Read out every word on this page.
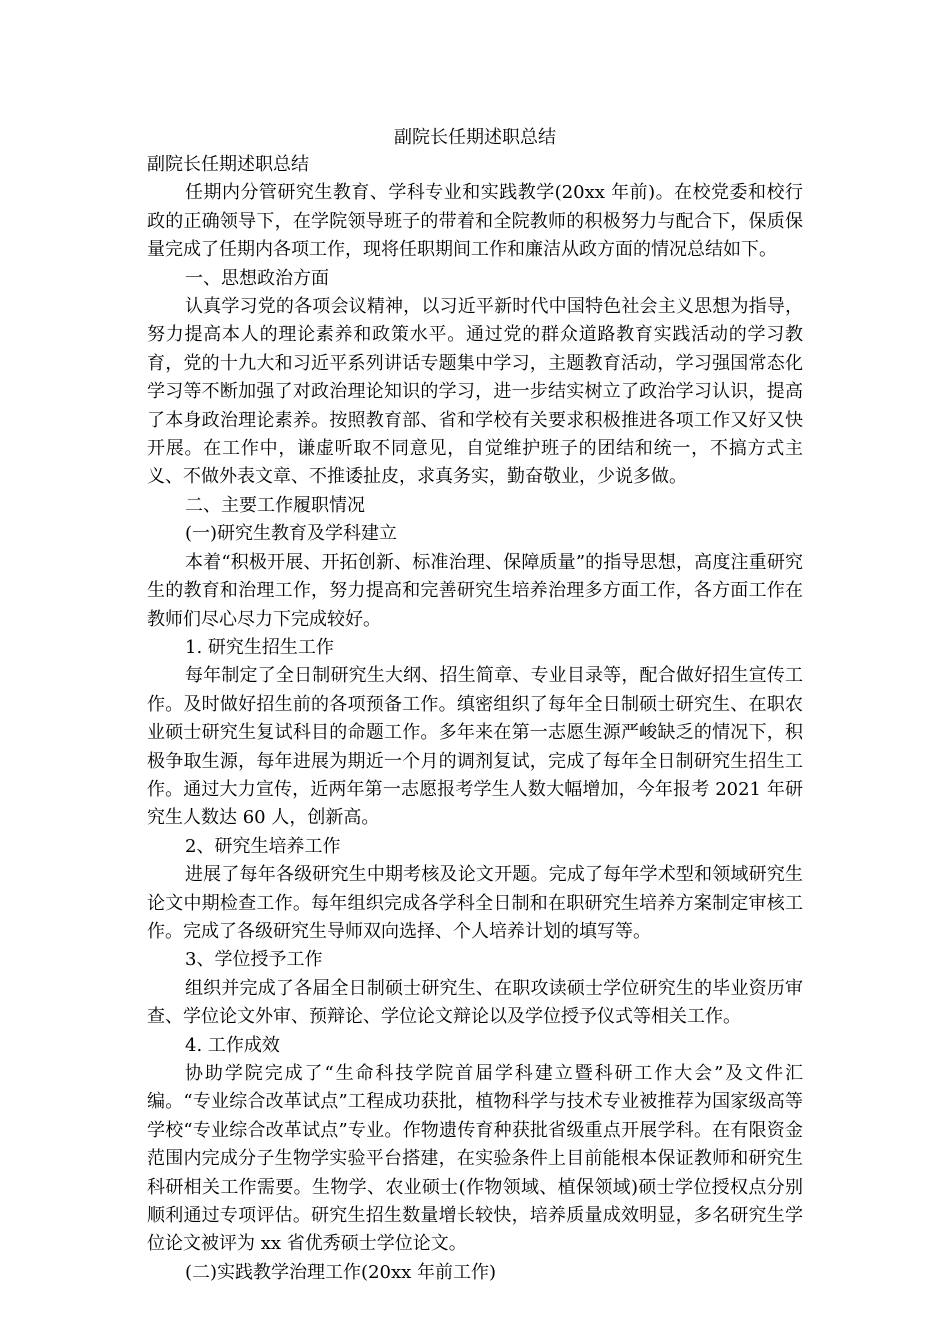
副院长任期述职总结

副院长任期述职总结

任期内分管研究生教育、学科专业和实践教学(20xx 年前)。在校党委和校行政的正确领导下，在学院领导班子的带着和全院教师的积极努力与配合下，保质保量完成了任期内各项工作，现将任职期间工作和廉洁从政方面的情况总结如下。

一、思想政治方面

认真学习党的各项会议精神，以习近平新时代中国特色社会主义思想为指导，努力提高本人的理论素养和政策水平。通过党的群众道路教育实践活动的学习教育，党的十九大和习近平系列讲话专题集中学习，主题教育活动，学习强国常态化学习等不断加强了对政治理论知识的学习，进一步结实树立了政治学习认识，提高了本身政治理论素养。按照教育部、省和学校有关要求积极推进各项工作又好又快开展。在工作中，谦虚听取不同意见，自觉维护班子的团结和统一，不搞方式主义、不做外表文章、不推诿扯皮，求真务实，勤奋敬业，少说多做。

二、主要工作履职情况

(一)研究生教育及学科建立

本着“积极开展、开拓创新、标准治理、保障质量”的指导思想，高度注重研究生的教育和治理工作，努力提高和完善研究生培养治理多方面工作，各方面工作在教师们尽心尽力下完成较好。

1. 研究生招生工作

每年制定了全日制研究生大纲、招生简章、专业目录等，配合做好招生宣传工作。及时做好招生前的各项预备工作。缜密组织了每年全日制硕士研究生、在职农业硕士研究生复试科目的命题工作。多年来在第一志愿生源严峻缺乏的情况下，积极争取生源，每年进展为期近一个月的调剂复试，完成了每年全日制研究生招生工作。通过大力宣传，近两年第一志愿报考学生人数大幅增加，今年报考 2021 年研究生人数达 60 人，创新高。

2、研究生培养工作

进展了每年各级研究生中期考核及论文开题。完成了每年学术型和领域研究生论文中期检查工作。每年组织完成各学科全日制和在职研究生培养方案制定审核工作。完成了各级研究生导师双向选择、个人培养计划的填写等。

3、学位授予工作

组织并完成了各届全日制硕士研究生、在职攻读硕士学位研究生的毕业资历审查、学位论文外审、预辩论、学位论文辩论以及学位授予仪式等相关工作。

4. 工作成效

协助学院完成了“生命科技学院首届学科建立暨科研工作大会”及文件汇编。“专业综合改革试点”工程成功获批，植物科学与技术专业被推荐为国家级高等学校“专业综合改革试点”专业。作物遗传育种获批省级重点开展学科。在有限资金范围内完成分子生物学实验平台搭建，在实验条件上目前能根本保证教师和研究生科研相关工作需要。生物学、农业硕士(作物领域、植保领域)硕士学位授权点分别顺利通过专项评估。研究生招生数量增长较快，培养质量成效明显，多名研究生学位论文被评为 xx 省优秀硕士学位论文。

(二)实践教学治理工作(20xx 年前工作)
